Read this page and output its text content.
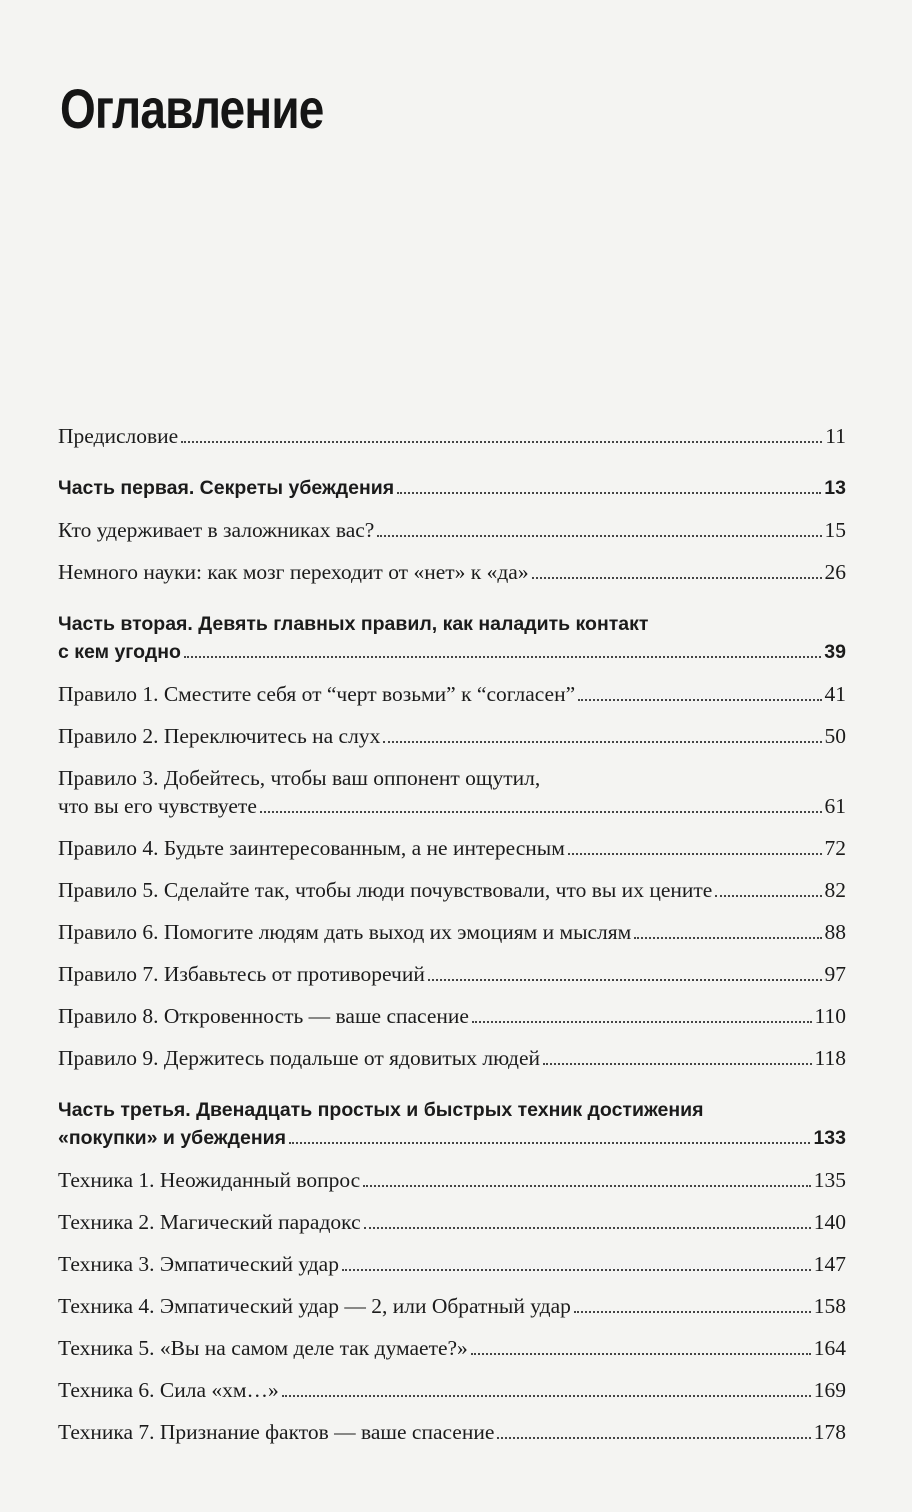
Оглавление
Предисловие	11
Часть первая. Секреты убеждения	13
Кто удерживает в заложниках вас?	15
Немного науки: как мозг переходит от «нет» к «да»	26
Часть вторая. Девять главных правил, как наладить контакт
с кем угодно	39
Правило 1. Сместите себя от “черт возьми” к “согласен”	41
Правило 2. Переключитесь на слух	50
Правило 3. Добейтесь, чтобы ваш оппонент ощутил,
что вы его чувствуете	61
Правило 4. Будьте заинтересованным, а не интересным	72
Правило 5. Сделайте так, чтобы люди почувствовали, что вы их цените	82
Правило 6. Помогите людям дать выход их эмоциям и мыслям	88
Правило 7. Избавьтесь от противоречий	97
Правило 8. Откровенность — ваше спасение	110
Правило 9. Держитесь подальше от ядовитых людей	118
Часть третья. Двенадцать простых и быстрых техник достижения
«покупки» и убеждения	133
Техника 1. Неожиданный вопрос	135
Техника 2. Магический парадокс	140
Техника 3. Эмпатический удар	147
Техника 4. Эмпатический удар — 2, или Обратный удар	158
Техника 5. «Вы на самом деле так думаете?»	164
Техника 6. Сила «хм…»	169
Техника 7. Признание фактов — ваше спасение	178
